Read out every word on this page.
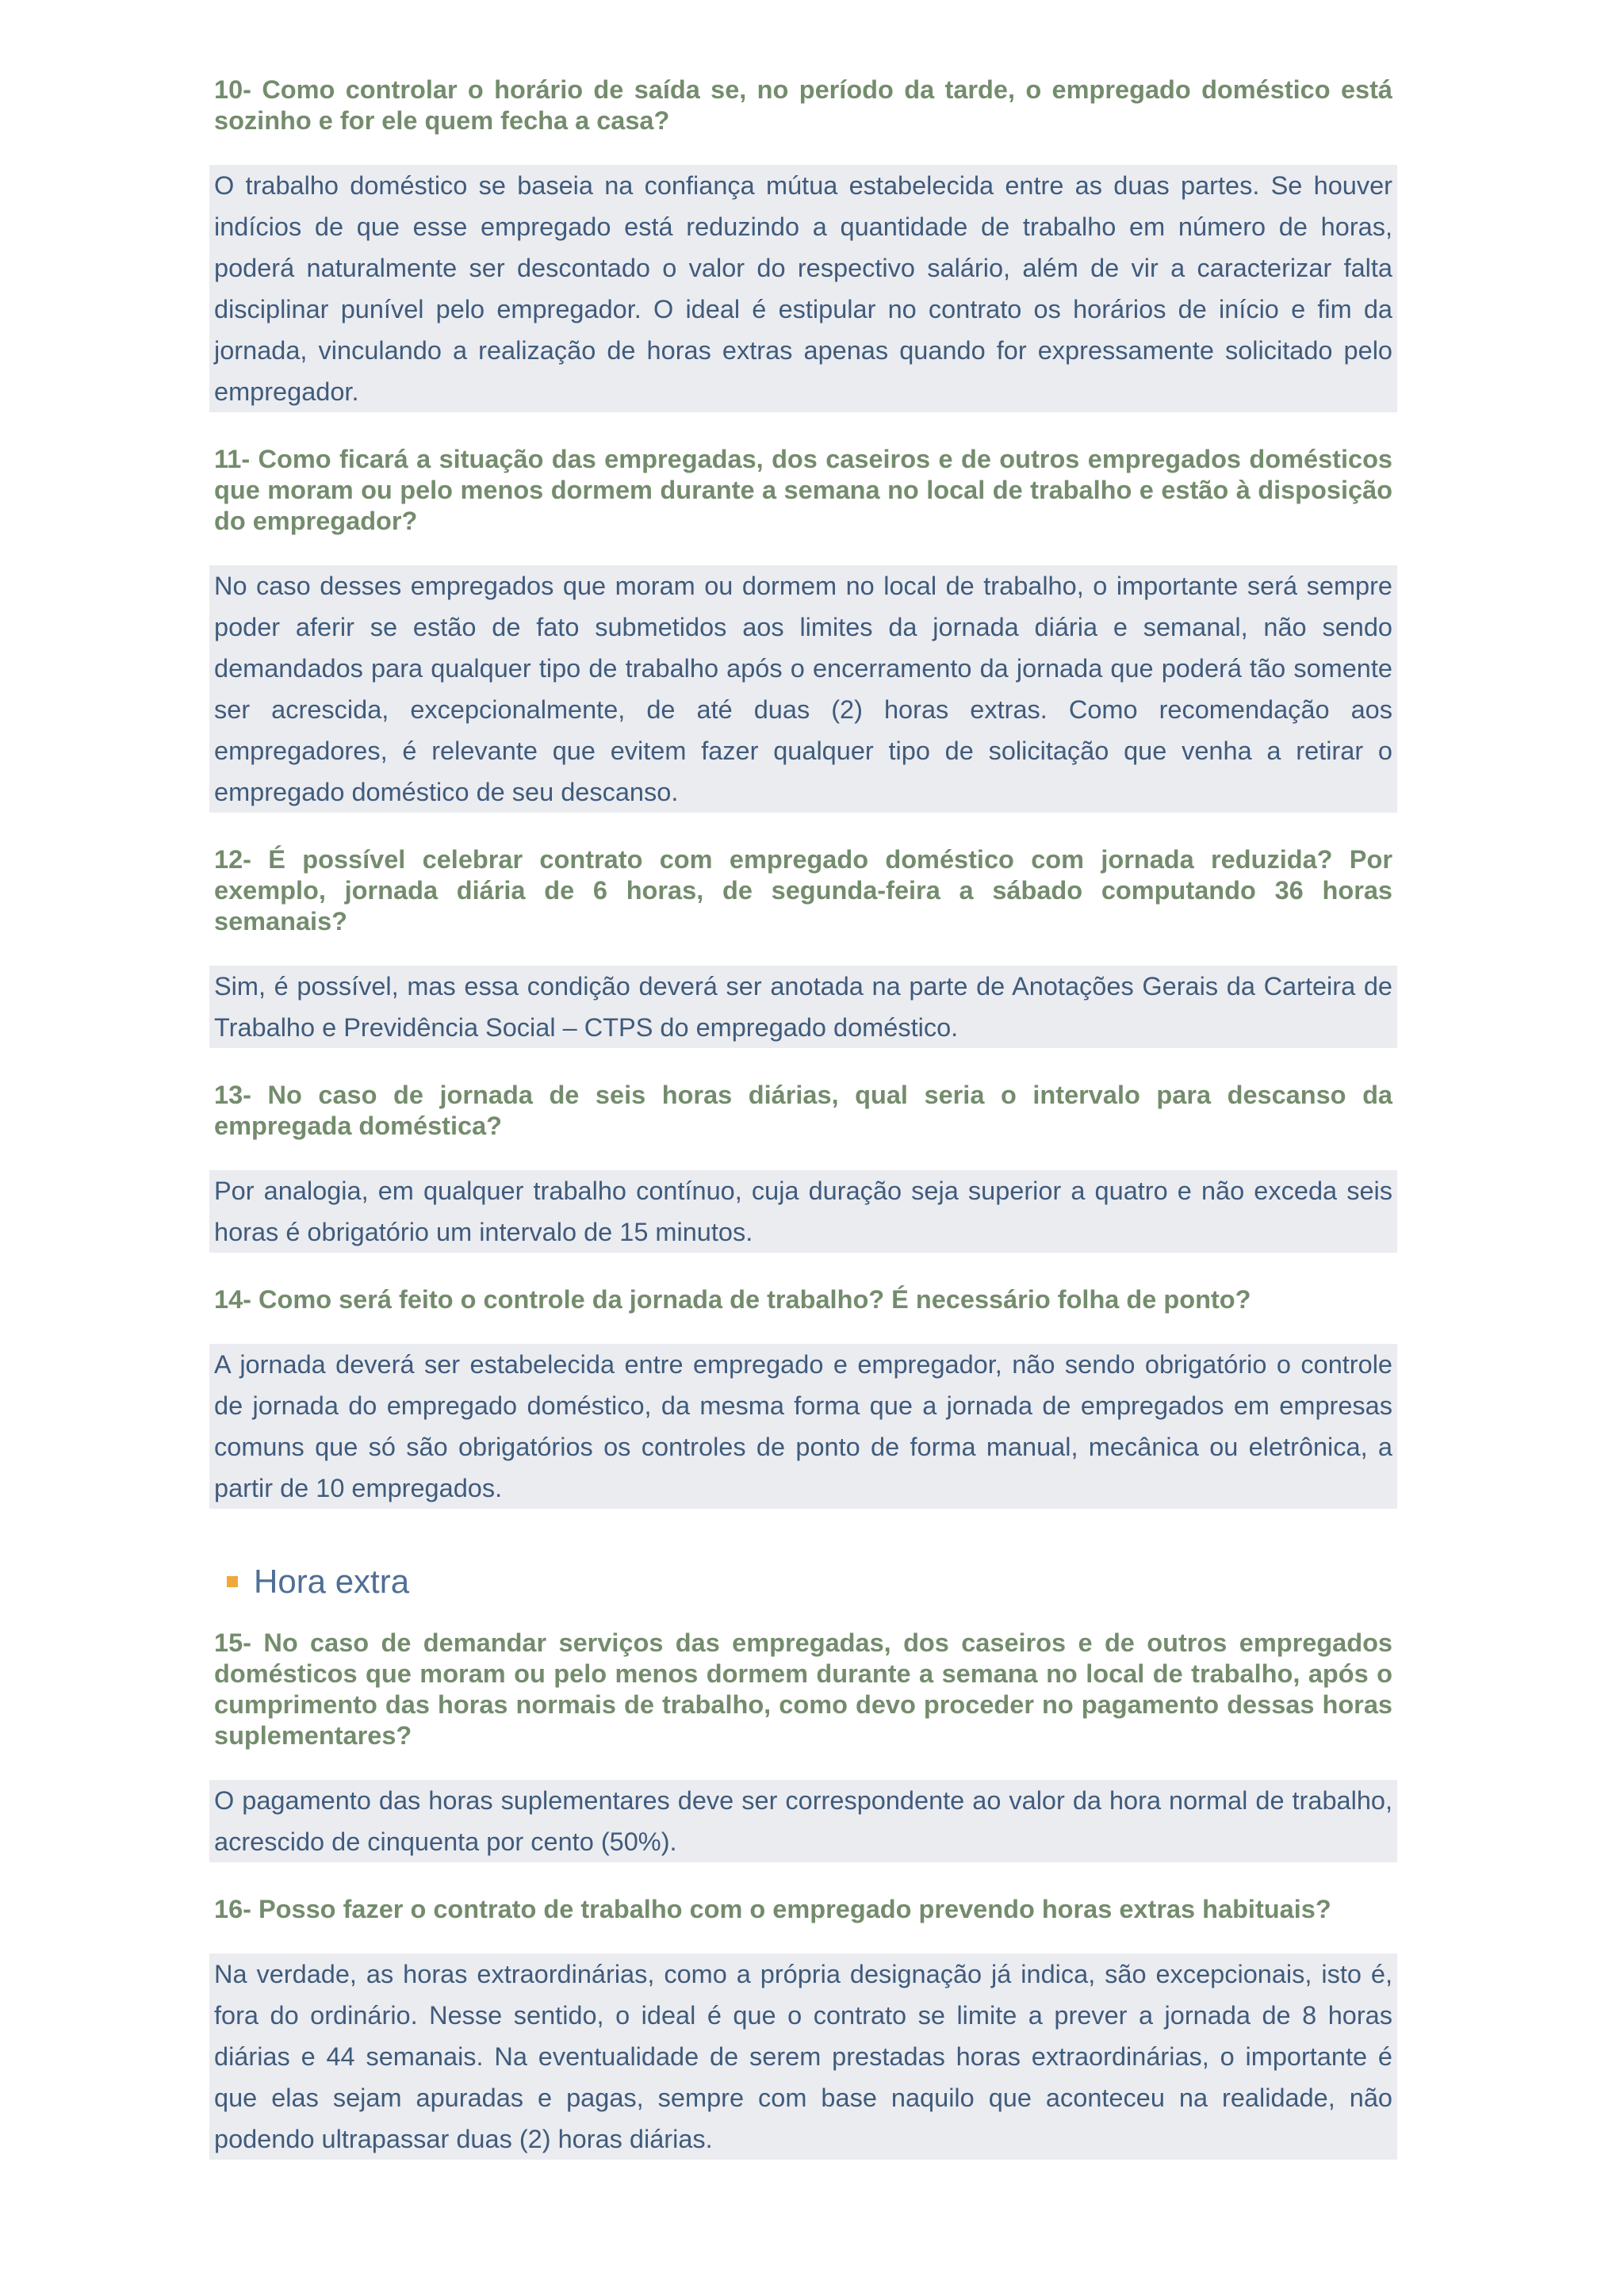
10- Como controlar o horário de saída se, no período da tarde, o empregado doméstico está sozinho e for ele quem fecha a casa?
O trabalho doméstico se baseia na confiança mútua estabelecida entre as duas partes. Se houver indícios de que esse empregado está reduzindo a quantidade de trabalho em número de horas, poderá naturalmente ser descontado o valor do respectivo salário, além de vir a caracterizar falta disciplinar punível pelo empregador. O ideal é estipular no contrato os horários de início e fim da jornada, vinculando a realização de horas extras apenas quando for expressamente solicitado pelo empregador.
11- Como ficará a situação das empregadas, dos caseiros e de outros empregados domésticos que moram ou pelo menos dormem durante a semana no local de trabalho e estão à disposição do empregador?
No caso desses empregados que moram ou dormem no local de trabalho, o importante será sempre poder aferir se estão de fato submetidos aos limites da jornada diária e semanal, não sendo demandados para qualquer tipo de trabalho após o encerramento da jornada que poderá tão somente ser acrescida, excepcionalmente, de até duas (2) horas extras. Como recomendação aos empregadores, é relevante que evitem fazer qualquer tipo de solicitação que venha a retirar o empregado doméstico de seu descanso.
12- É possível celebrar contrato com empregado doméstico com jornada reduzida? Por exemplo, jornada diária de 6 horas, de segunda-feira a sábado computando 36 horas semanais?
Sim, é possível, mas essa condição deverá ser anotada na parte de Anotações Gerais da Carteira de Trabalho e Previdência Social – CTPS do empregado doméstico.
13- No caso de jornada de seis horas diárias, qual seria o intervalo para descanso da empregada doméstica?
Por analogia, em qualquer trabalho contínuo, cuja duração seja superior a quatro e não exceda seis horas é obrigatório um intervalo de 15 minutos.
14- Como será feito o controle da jornada de trabalho? É necessário folha de ponto?
A jornada deverá ser estabelecida entre empregado e empregador, não sendo obrigatório o controle de jornada do empregado doméstico, da mesma forma que a jornada de empregados em empresas comuns que só são obrigatórios os controles de ponto de forma manual, mecânica ou eletrônica, a partir de 10 empregados.
Hora extra
15- No caso de demandar serviços das empregadas, dos caseiros e de outros empregados domésticos que moram ou pelo menos dormem durante a semana no local de trabalho, após o cumprimento das horas normais de trabalho, como devo proceder no pagamento dessas horas suplementares?
O pagamento das horas suplementares deve ser correspondente ao valor da hora normal de trabalho, acrescido de cinquenta por cento (50%).
16- Posso fazer o contrato de trabalho com o empregado prevendo horas extras habituais?
Na verdade, as horas extraordinárias, como a própria designação já indica, são excepcionais, isto é, fora do ordinário. Nesse sentido, o ideal é que o contrato se limite a prever a jornada de 8 horas diárias e 44 semanais. Na eventualidade de serem prestadas horas extraordinárias, o importante é que elas sejam apuradas e pagas, sempre com base naquilo que aconteceu na realidade, não podendo ultrapassar duas (2) horas diárias.
